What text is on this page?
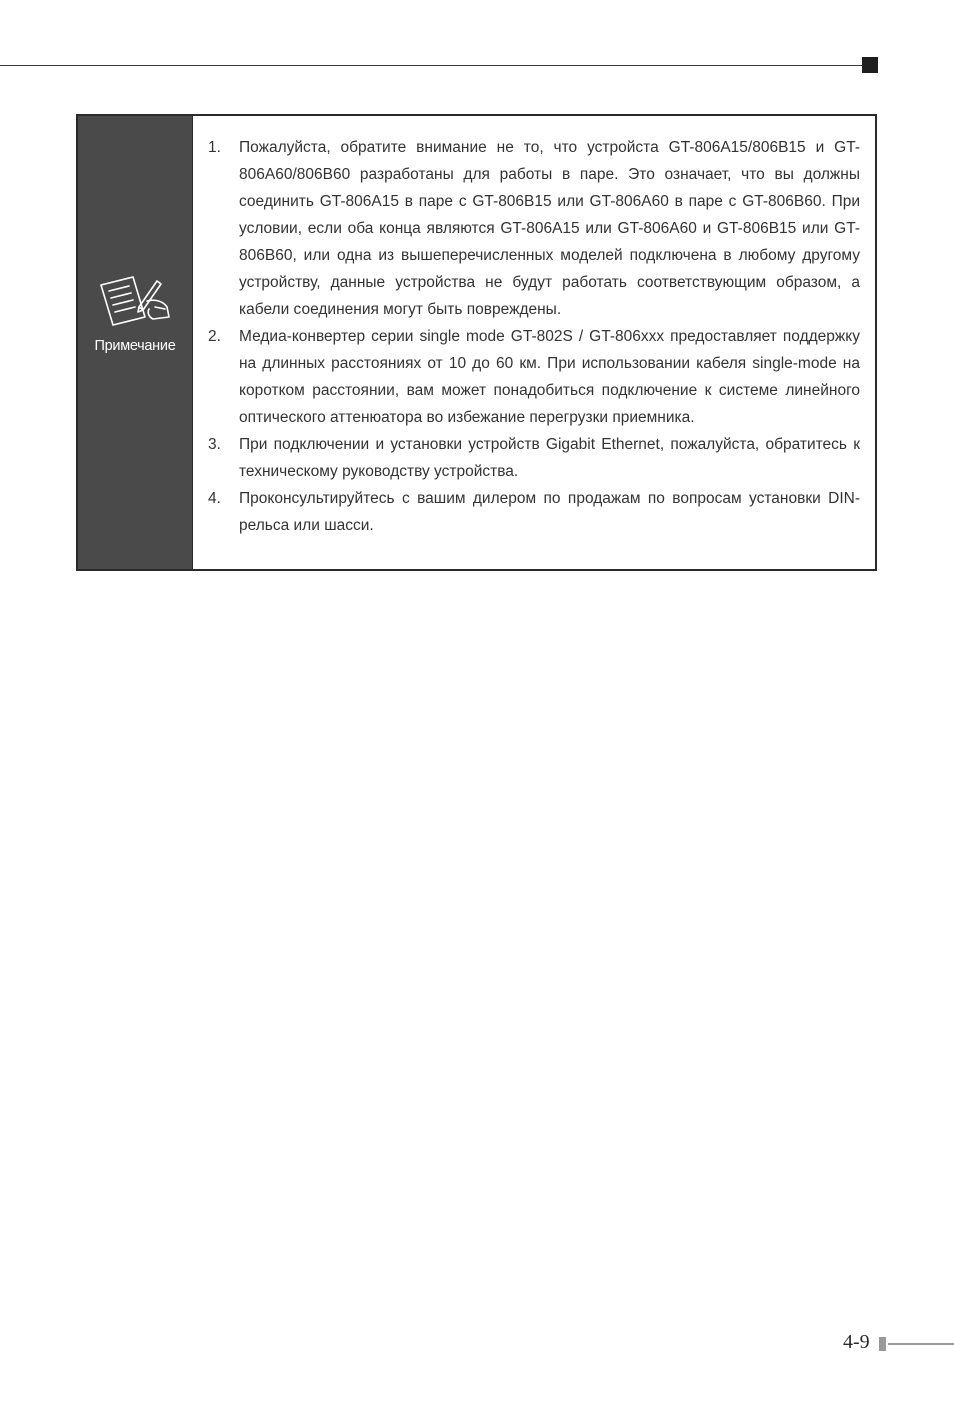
Примечание
1. Пожалуйста, обратите внимание не то, что устройста GT-806A15/806B15 и GT-806A60/806B60 разработаны для работы в паре. Это означает, что вы должны соединить GT-806A15 в паре с GT-806B15 или GT-806A60 в паре с GT-806B60. При условии, если оба конца являются GT-806A15 или GT-806A60 и GT-806B15 или GT-806B60, или одна из вышеперечисленных моделей подключена в любому другому устройству, данные устройства не будут работать соответствующим образом, а кабели соединения могут быть повреждены.
2. Медиа-конвертер серии single mode GT-802S / GT-806xxx предоставляет поддержку на длинных расстояниях от 10 до 60 км. При использовании кабеля single-mode на коротком расстоянии, вам может понадобиться подключение к системе линейного оптического аттенюатора во избежание перегрузки приемника.
3. При подключении и установки устройств Gigabit Ethernet, пожалуйста, обратитесь к техническому руководству устройства.
4. Проконсультируйтесь с вашим дилером по продажам по вопросам установки DIN-рельса или шасси.
4-9
